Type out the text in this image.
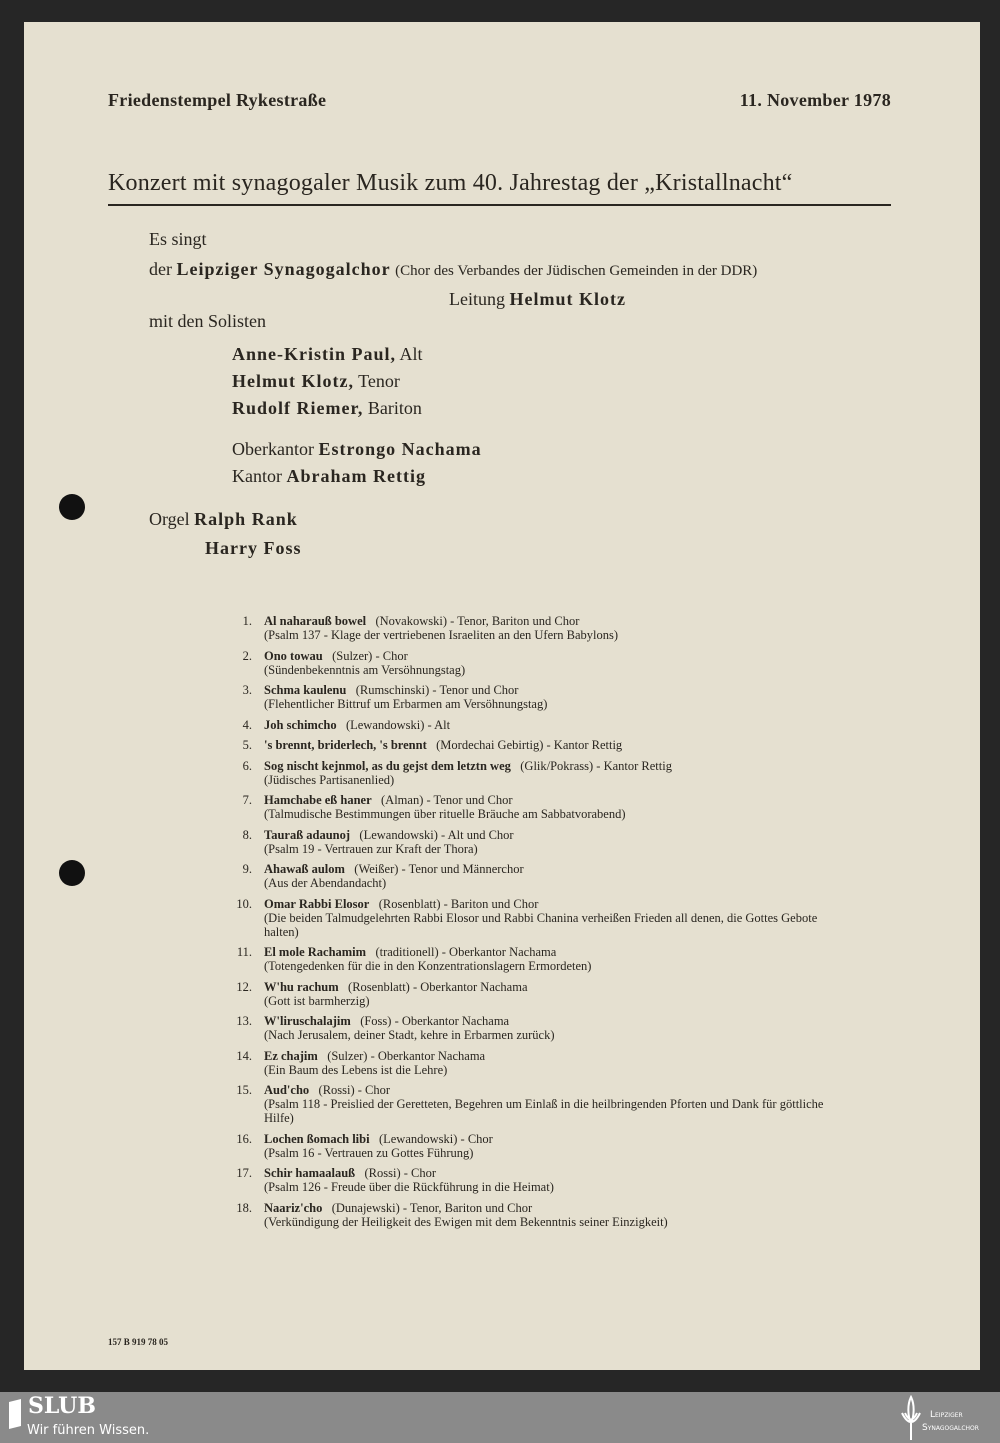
Friedenstempel Rykestraße	11. November 1978
Konzert mit synagogaler Musik zum 40. Jahrestag der „Kristallnacht“
Es singt
der Leipziger Synagogalchor (Chor des Verbandes der Jüdischen Gemeinden in der DDR)
Leitung Helmut Klotz
mit den Solisten
Anne-Kristin Paul, Alt
Helmut Klotz, Tenor
Rudolf Riemer, Bariton
Oberkantor Estrongo Nachama
Kantor Abraham Rettig
Orgel Ralph Rank
Harry Foss
1. Al naharauß bowel (Novakowski) - Tenor, Bariton und Chor
(Psalm 137 - Klage der vertriebenen Israeliten an den Ufern Babylons)
2. Ono towau (Sulzer) - Chor
(Sündenbekenntnis am Versöhnungstag)
3. Schma kaulenu (Rumschinski) - Tenor und Chor
(Flehentlicher Bittruf um Erbarmen am Versöhnungstag)
4. Joh schimcho (Lewandowski) - Alt
5. 's brennt, briderlech, 's brennt (Mordechai Gebirtig) - Kantor Rettig
6. Sog nischt kejnmol, as du gejst dem letztn weg (Glik/Pokrass) - Kantor Rettig
(Jüdisches Partisanenlied)
7. Hamchabe eß haner (Alman) - Tenor und Chor
(Talmudische Bestimmungen über rituelle Bräuche am Sabbatvorabend)
8. Tauraß adaunoj (Lewandowski) - Alt und Chor
(Psalm 19 - Vertrauen zur Kraft der Thora)
9. Ahawaß aulom (Weißer) - Tenor und Männerchor
(Aus der Abendandacht)
10. Omar Rabbi Elosor (Rosenblatt) - Bariton und Chor
(Die beiden Talmudgelehrten Rabbi Elosor und Rabbi Chanina verheißen Frieden all denen, die Gottes Gebote halten)
11. El mole Rachamim (traditionell) - Oberkantor Nachama
(Totengedenken für die in den Konzentrationslagern Ermordeten)
12. W'hu rachum (Rosenblatt) - Oberkantor Nachama
(Gott ist barmherzig)
13. W'liruschalajim (Foss) - Oberkantor Nachama
(Nach Jerusalem, deiner Stadt, kehre in Erbarmen zurück)
14. Ez chajim (Sulzer) - Oberkantor Nachama
(Ein Baum des Lebens ist die Lehre)
15. Aud'cho (Rossi) - Chor
(Psalm 118 - Preislied der Geretteten, Begehren um Einlaß in die heilbringenden Pforten und Dank für göttliche Hilfe)
16. Lochen ßomach libi (Lewandowski) - Chor
(Psalm 16 - Vertrauen zu Gottes Führung)
17. Schir hamaalauß (Rossi) - Chor
(Psalm 126 - Freude über die Rückführung in die Heimat)
18. Naariz'cho (Dunajewski) - Tenor, Bariton und Chor
(Verkündigung der Heiligkeit des Ewigen mit dem Bekenntnis seiner Einzigkeit)
157 B 919 78 05
SLUB
Wir führen Wissen.
Leipziger
Synagogalchor
